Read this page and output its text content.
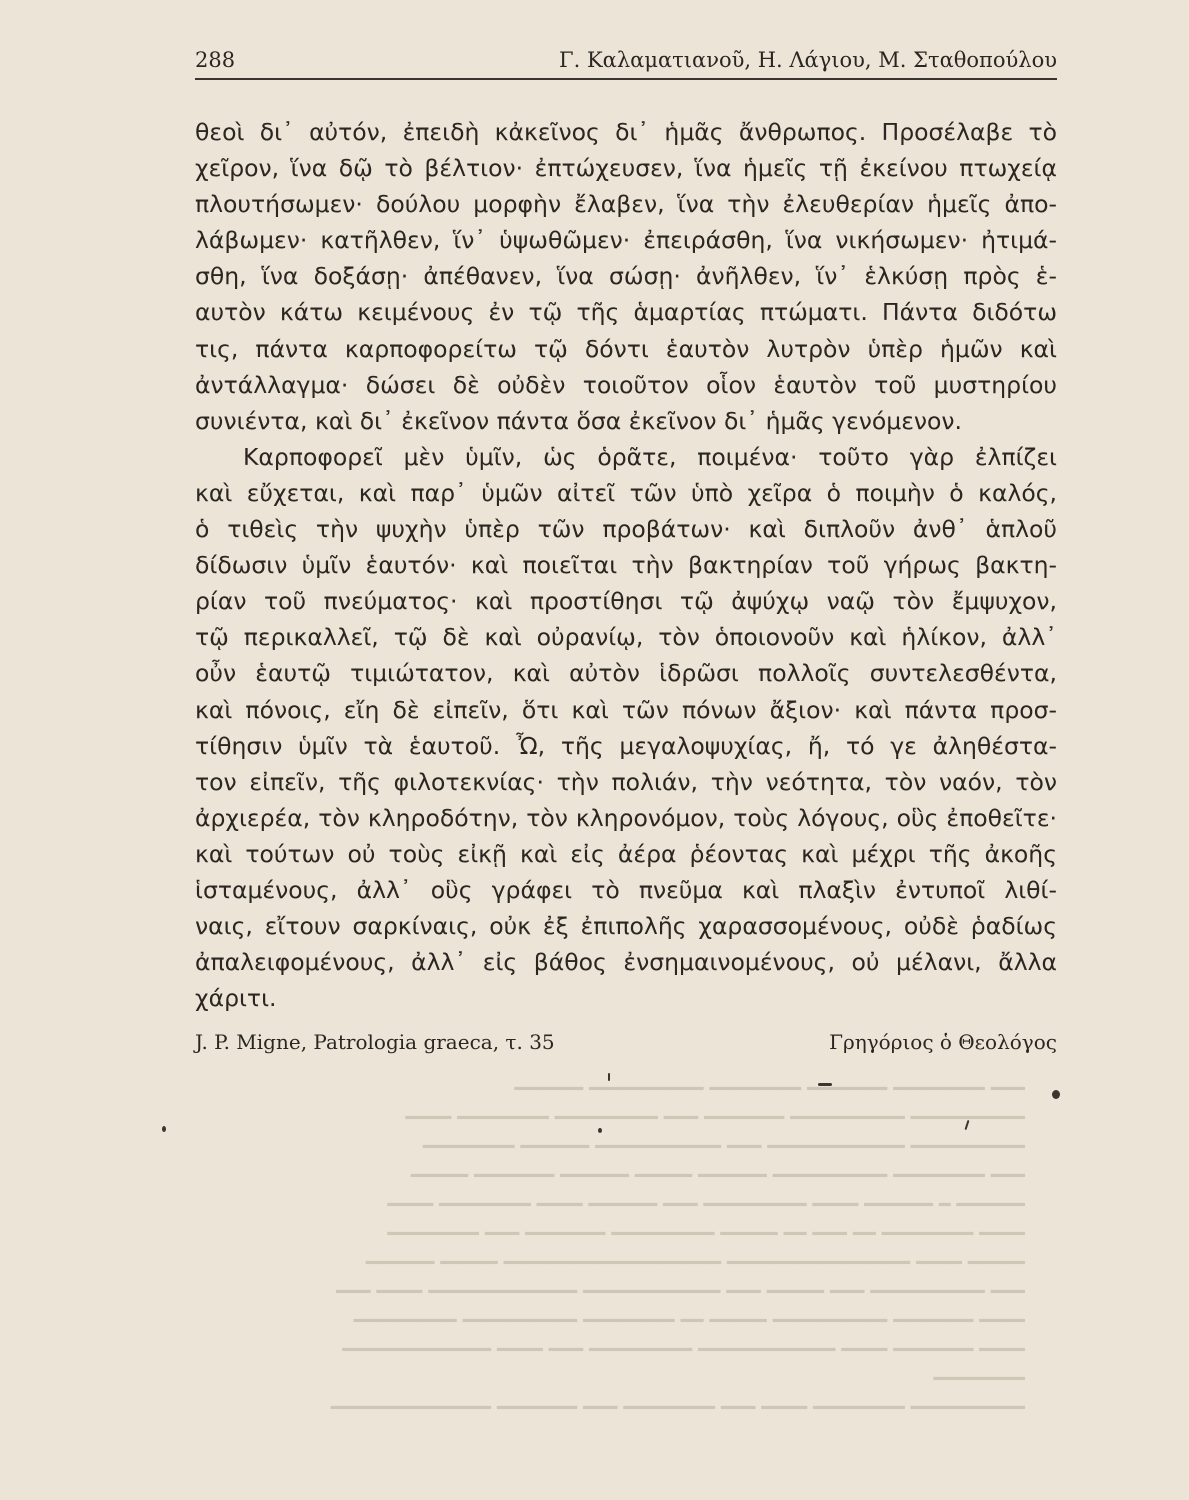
288	Γ. Καλαματιανοῦ, Η. Λάγιου, Μ. Σταθοπούλου
θεοὶ δι᾽ αὐτόν, ἐπειδὴ κἀκεῖνος δι᾽ ἡμᾶς ἄνθρωπος. Προσέλαβε τὸ
χεῖρον, ἵνα δῷ τὸ βέλτιον· ἐπτώχευσεν, ἵνα ἡμεῖς τῇ ἐκείνου πτωχείᾳ
πλουτήσωμεν· δούλου μορφὴν ἔλαβεν, ἵνα τὴν ἐλευθερίαν ἡμεῖς ἀπο-
λάβωμεν· κατῆλθεν, ἵν᾽ ὑψωθῶμεν· ἐπειράσθη, ἵνα νικήσωμεν· ἠτιμά-
σθη, ἵνα δοξάσῃ· ἀπέθανεν, ἵνα σώσῃ· ἀνῆλθεν, ἵν᾽ ἑλκύσῃ πρὸς ἑ-
αυτὸν κάτω κειμένους ἐν τῷ τῆς ἁμαρτίας πτώματι. Πάντα διδότω
τις, πάντα καρποφορείτω τῷ δόντι ἑαυτὸν λυτρὸν ὑπὲρ ἡμῶν καὶ
ἀντάλλαγμα· δώσει δὲ οὐδὲν τοιοῦτον οἷον ἑαυτὸν τοῦ μυστηρίου
συνιέντα, καὶ δι᾽ ἐκεῖνον πάντα ὅσα ἐκεῖνον δι᾽ ἡμᾶς γενόμενον.
Καρποφορεῖ μὲν ὑμῖν, ὡς ὁρᾶτε, ποιμένα· τοῦτο γὰρ ἐλπίζει
καὶ εὔχεται, καὶ παρ᾽ ὑμῶν αἰτεῖ τῶν ὑπὸ χεῖρα ὁ ποιμὴν ὁ καλός,
ὁ τιθεὶς τὴν ψυχὴν ὑπὲρ τῶν προβάτων· καὶ διπλοῦν ἀνθ᾽ ἁπλοῦ
δίδωσιν ὑμῖν ἑαυτόν· καὶ ποιεῖται τὴν βακτηρίαν τοῦ γήρως βακτη-
ρίαν τοῦ πνεύματος· καὶ προστίθησι τῷ ἀψύχῳ ναῷ τὸν ἔμψυχον,
τῷ περικαλλεῖ, τῷ δὲ καὶ οὐρανίῳ, τὸν ὁποιονοῦν καὶ ἡλίκον, ἀλλ᾽
οὖν ἑαυτῷ τιμιώτατον, καὶ αὐτὸν ἱδρῶσι πολλοῖς συντελεσθέντα,
καὶ πόνοις, εἴη δὲ εἰπεῖν, ὅτι καὶ τῶν πόνων ἄξιον· καὶ πάντα προσ-
τίθησιν ὑμῖν τὰ ἑαυτοῦ. Ὦ, τῆς μεγαλοψυχίας, ἤ, τό γε ἀληθέστα-
τον εἰπεῖν, τῆς φιλοτεκνίας· τὴν πολιάν, τὴν νεότητα, τὸν ναόν, τὸν
ἀρχιερέα, τὸν κληροδότην, τὸν κληρονόμον, τοὺς λόγους, οὓς ἐποθεῖτε·
καὶ τούτων οὐ τοὺς εἰκῇ καὶ εἰς ἀέρα ῥέοντας καὶ μέχρι τῆς ἀκοῆς
ἱσταμένους, ἀλλ᾽ οὓς γράφει τὸ πνεῦμα καὶ πλαξὶν ἐντυποῖ λιθί-
ναις, εἴτουν σαρκίναις, οὐκ ἐξ ἐπιπολῆς χαρασσομένους, οὐδὲ ῥαδίως
ἀπαλειφομένους, ἀλλ᾽ εἰς βάθος ἐνσημαινομένους, οὐ μέλανι, ἄλλα
χάριτι.
J. P. Migne, Patrologia graeca, τ. 35	Γρηγόριος ὁ Θεολόγος
━━━ ━━━━━━━━ ━━━━━━━ ━━━━━━━━ ━━━━━━━━━━ ━━━━━━
━━━━━━━━━━ ━━━━━━━━━━ ━━━━━━━ ━━━ ━━━━━━━━━ ━━━━━━━━ ━━━━
━━━━━━━━━━ ━━━━━━━━━━━━ ━━━ ━━━━━━━━━━━ ━━━━━━ ━━━━━━━━
━━━ ━━━━━━━━ ━━━━━━━━━━ ━━━━━━ ━━━━━ ━━━━━━ ━━━━━━━ ━━━━━
━━━━━━ ━ ━━━━━━ ━━━━ ━━━━━━━━━ ━━━ ━━━━━━ ━━━━ ━━━━━━━━ ━━━━
━━━━ ━━━━━━━━ ━━ ━━━ ━━ ━━━━━ ━━━━━━━━━ ━━━━━━━ ━━━ ━━━━━━━━
━━━━━ ━━━━ ━━━━━━━━━━━━━━━━ ━━━━━━━━━━━━━━━━━━━ ━━━━━ ━━━━━━
━━━ ━━━━━━━━━━ ━━━ ━━━━━ ━━━ ━━━━━━━━━━━━ ━━━━━━━━━━━━━ ━━━━ ━━━
━━━━ ━━━━━━━ ━━━━━━━━━━ ━━━━━ ━━ ━━━━━━━━ ━━━━━━━━━━ ━━━━━━━━━
━━━━ ━━━━━━━ ━━━━ ━━━━━━━━━━━━ ━━━━━━━━━ ━━━ ━━━━ ━━━━━━━━━━━━━
━━━━━━━━
━━━━━━━━━━ ━━━━━━━━ ━━━━ ━━━ ━━━━━━━━ ━━━ ━━━━━━━ ━━━━━━━━━━━━━━
